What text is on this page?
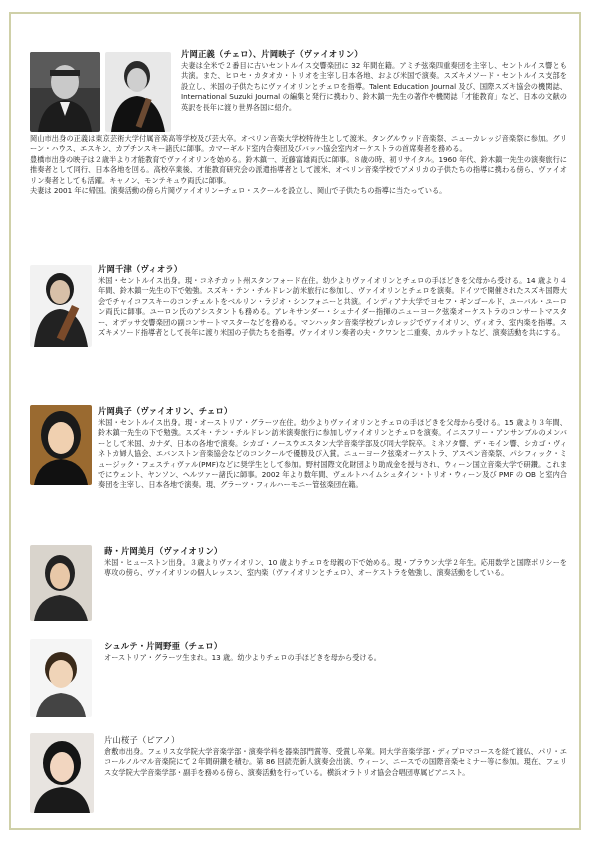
片岡正義（チェロ）、片岡映子（ヴァイオリン）

夫妻は全米で２番目に古いセントルイス交響楽団に 32 年間在籍。アミチ弦楽四重奏団を主宰し、セントルイス響とも共演。また、ヒロセ・カタオカ・トリオを主宰し日本各地、および米国で演奏。スズキメソード・セントルイス支部を設立し、米国の子供たちにヴァイオリンとチェロを指導。Talent Education Journal 及び、国際スズキ協会の機関誌、International Suzuki Journal の編集と発行に携わり、鈴木鎮一先生の著作や機関誌「才能教育」など、日本の文献の英訳を長年に渡り世界各国に紹介。

岡山市出身の正義は東京芸術大学付属音楽高等学校及び芸大卒。オベリン音楽大学校特待生として渡米。タングルウッド音楽祭、ニューカレッジ音楽祭に参加。グリーン・ハウス、エスキン、カプチンスキー諸氏に師事。カマーギルド室内合奏団及びバッハ協会室内オーケストラの首席奏者を務める。

豊橋市出身の映子は２歳半より才能教育でヴァイオリンを始める。鈴木鎮一、近藤富雄両氏に師事。８歳の時、初リサイタル。1960 年代、鈴木鎮一先生の演奏旅行に推奏者として同行、日本各地を回る。高校卒業後、才能教育研究会の派遣指導者として渡米、オベリン音楽学校でアメリカの子供たちの指導に携わる傍ら、ヴァイオリン奏者としても活躍。キャノン、モンテキュウ両氏に師事。

夫妻は 2001 年に帰国。演奏活動の傍ら片岡ヴァイオリン−チェロ・スクールを設立し、岡山で子供たちの指導に当たっている。

片岡千津（ヴィオラ）

米国・セントルイス出身。現・コネチカット州スタンフォード在住。幼少よりヴァイオリンとチェロの手ほどきを父母から受ける。14 歳より４年間、鈴木鎮一先生の下で勉強。スズキ・テン・チルドレン訪米旅行に参加し、ヴァイオリンとチェロを演奏。ドイツで開催されたスズキ国際大会でチャイコフスキーのコンチェルトをベルリン・ラジオ・シンフォニーと共演。インディアナ大学でヨセフ・ギンゴールド、ユーバル・ユーロン両氏に師事。ユーロン氏のアシスタントも務める。アレキサンダー・シュナイダー指揮のニューヨーク弦楽オーケストラのコンサートマスター、オデッサ交響楽団の副コンサートマスターなどを務める。マンハッタン音楽学校プレカレッジでヴァイオリン、ヴィオラ、室内楽を指導。スズキメソード指導者として長年に渡り米国の子供たちを指導。ヴァイオリン奏者の夫・クワンと二重奏、カルテットなど、演奏活動を共にする。

片岡典子（ヴァイオリン、チェロ）

米国・セントルイス出身。現・オーストリア・グラーツ在住。幼少よりヴァイオリンとチェロの手ほどきを父母から受ける。15 歳より３年間、鈴木鎮一先生の下で勉強。スズキ・テン・チルドレン訪米演奏旅行に参加しヴァイオリンとチェロを演奏。イニスフリー・アンサンブルのメンバーとして米国、カナダ、日本の各地で演奏。シカゴ・ノースウエスタン大学音楽学部及び同大学院卒。ミネソタ響、デ・モイン響、シカゴ・ヴィネトカ婦人協会、エバンストン音楽協会などのコンクールで優勝及び入賞。ニューヨーク弦楽オーケストラ、アスペン音楽祭、パシフィック・ミュージック・フェスティヴァル(PMF)などに奨学生として参加。野村国際文化財団より助成金を授与され、ウィーン国立音楽大学で研鑽。これまでにウェント、ヤンソン、ヘルツァー諸氏に師事。2002 年より数年間、ヴェルトハイムシュタイン・トリオ・ウィーン及び PMF の OB と室内合奏団を主宰し、日本各地で演奏。現、グラーツ・フィルハーモニー管弦楽団在籍。

蒔・片岡美月（ヴァイオリン）

米国・ヒューストン出身。３歳よりヴァイオリン、10 歳よりチェロを母親の下で始める。現・ブラウン大学２年生。応用数学と国際ポリシーを専攻の傍ら、ヴァイオリンの個人レッスン、室内楽（ヴァイオリンとチェロ）、オーケストラを勉強し、演奏活動をしている。

シュルテ・片岡野亜（チェロ）

オーストリア・グラーツ生まれ。13 歳。幼少よりチェロの手ほどきを母から受ける。

片山桜子（ピアノ）

倉敷市出身。フェリス女学院大学音楽学部・演奏学科を器楽部門賞等、受賞し卒業。同大学音楽学部・ディプロマコースを経て渡仏、パリ・エコールノルマル音楽院にて２年間研鑽を積む。第 86 回読売新人演奏会出演、ウィーン、ニースでの国際音楽セミナー等に参加。現在、フェリス女学院大学音楽学部・副手を務める傍ら、演奏活動を行っている。横浜オラトリオ協会合唱団専属ピアニスト。
